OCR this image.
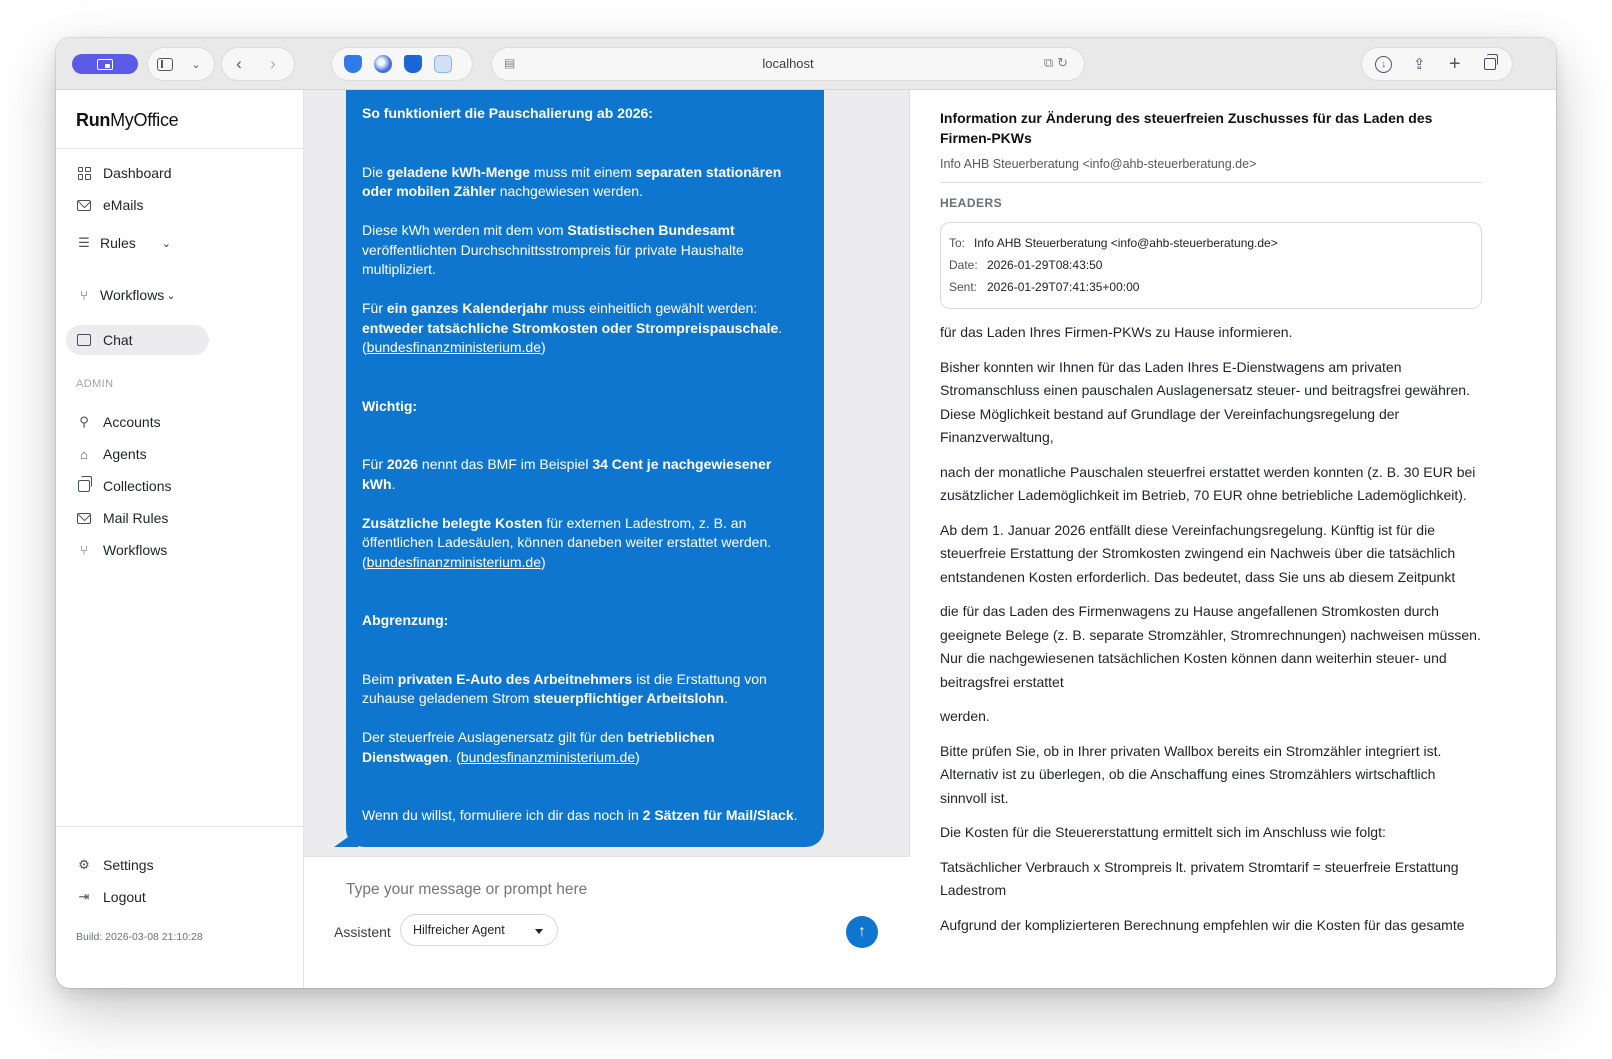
⌄ ‹ ›	▤	localhost	⧉↻	↓	⇪ +
RunMyOffice
Dashboard
eMails
☰ Rules ⌄
⑂ Workflows ⌄
Chat
ADMIN
⚲ Accounts
⌂ Agents
Collections
Mail Rules
⑂ Workflows
⚙ Settings
⇥ Logout
Build: 2026-03-08 21:10:28

So funktioniert die Pauschalierung ab 2026:

Die geladene kWh-Menge muss mit einem separaten stationären oder mobilen Zähler nachgewiesen werden.

Diese kWh werden mit dem vom Statistischen Bundesamt veröffentlichten Durchschnittsstrompreis für private Haushalte multipliziert.

Für ein ganzes Kalenderjahr muss einheitlich gewählt werden: entweder tatsächliche Stromkosten oder Strompreispauschale. (bundesfinanzministerium.de)

Wichtig:

Für 2026 nennt das BMF im Beispiel 34 Cent je nachgewiesener kWh.

Zusätzliche belegte Kosten für externen Ladestrom, z. B. an öffentlichen Ladesäulen, können daneben weiter erstattet werden. (bundesfinanzministerium.de)

Abgrenzung:

Beim privaten E-Auto des Arbeitnehmers ist die Erstattung von zuhause geladenem Strom steuerpflichtiger Arbeitslohn.

Der steuerfreie Auslagenersatz gilt für den betrieblichen Dienstwagen. (bundesfinanzministerium.de)

Wenn du willst, formuliere ich dir das noch in 2 Sätzen für Mail/Slack.

Type your message or prompt here
Assistent Hilfreicher Agent	↑
Information zur Änderung des steuerfreien Zuschusses für das Laden des Firmen-PKWs
Info AHB Steuerberatung <info@ahb-steuerberatung.de>
HEADERS
To: Info AHB Steuerberatung <info@ahb-steuerberatung.de>
Date: 2026-01-29T08:43:50
Sent: 2026-01-29T07:41:35+00:00

für das Laden Ihres Firmen-PKWs zu Hause informieren.

Bisher konnten wir Ihnen für das Laden Ihres E-Dienstwagens am privaten Stromanschluss einen pauschalen Auslagenersatz steuer- und beitragsfrei gewähren. Diese Möglichkeit bestand auf Grundlage der Vereinfachungsregelung der Finanzverwaltung,

nach der monatliche Pauschalen steuerfrei erstattet werden konnten (z. B. 30 EUR bei zusätzlicher Lademöglichkeit im Betrieb, 70 EUR ohne betriebliche Lademöglichkeit).

Ab dem 1. Januar 2026 entfällt diese Vereinfachungsregelung. Künftig ist für die steuerfreie Erstattung der Stromkosten zwingend ein Nachweis über die tatsächlich entstandenen Kosten erforderlich. Das bedeutet, dass Sie uns ab diesem Zeitpunkt

die für das Laden des Firmenwagens zu Hause angefallenen Stromkosten durch geeignete Belege (z. B. separate Stromzähler, Stromrechnungen) nachweisen müssen. Nur die nachgewiesenen tatsächlichen Kosten können dann weiterhin steuer- und beitragsfrei erstattet

werden.

Bitte prüfen Sie, ob in Ihrer privaten Wallbox bereits ein Stromzähler integriert ist. Alternativ ist zu überlegen, ob die Anschaffung eines Stromzählers wirtschaftlich sinnvoll ist.

Die Kosten für die Steuererstattung ermittelt sich im Anschluss wie folgt:

Tatsächlicher Verbrauch x Strompreis lt. privatem Stromtarif = steuerfreie Erstattung Ladestrom

Aufgrund der komplizierteren Berechnung empfehlen wir die Kosten für das gesamte
